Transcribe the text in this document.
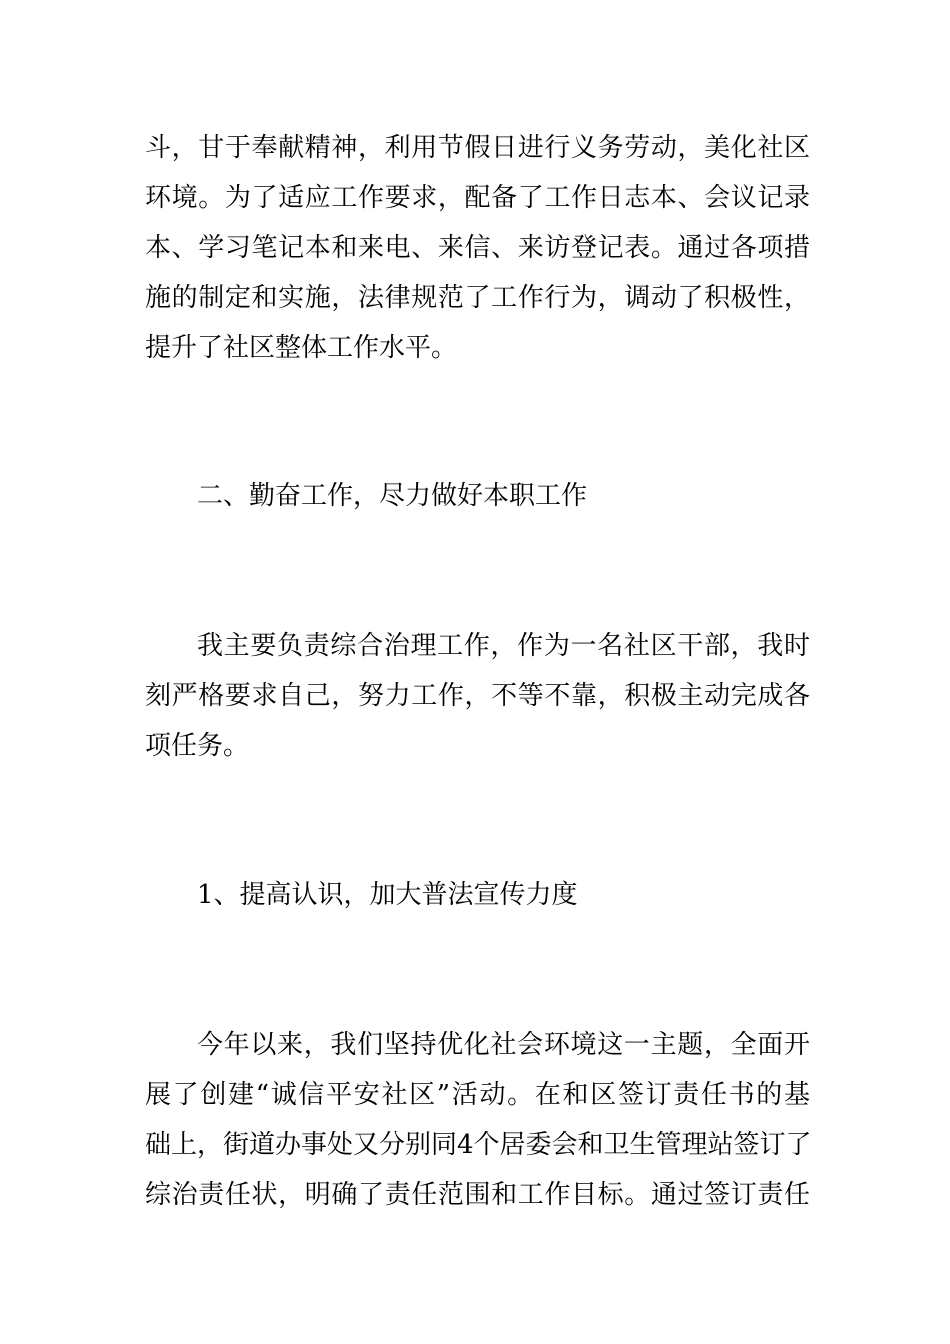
斗，甘于奉献精神，利用节假日进行义务劳动，美化社区

环境。为了适应工作要求，配备了工作日志本、会议记录

本、学习笔记本和来电、来信、来访登记表。通过各项措

施的制定和实施，法律规范了工作行为，调动了积极性，

提升了社区整体工作水平。

二、勤奋工作，尽力做好本职工作

我主要负责综合治理工作，作为一名社区干部，我时

刻严格要求自己，努力工作，不等不靠，积极主动完成各

项任务。

1、提高认识，加大普法宣传力度

今年以来，我们坚持优化社会环境这一主题，全面开

展了创建“诚信平安社区”活动。在和区签订责任书的基

础上，街道办事处又分别同4个居委会和卫生管理站签订了

综治责任状，明确了责任范围和工作目标。通过签订责任
